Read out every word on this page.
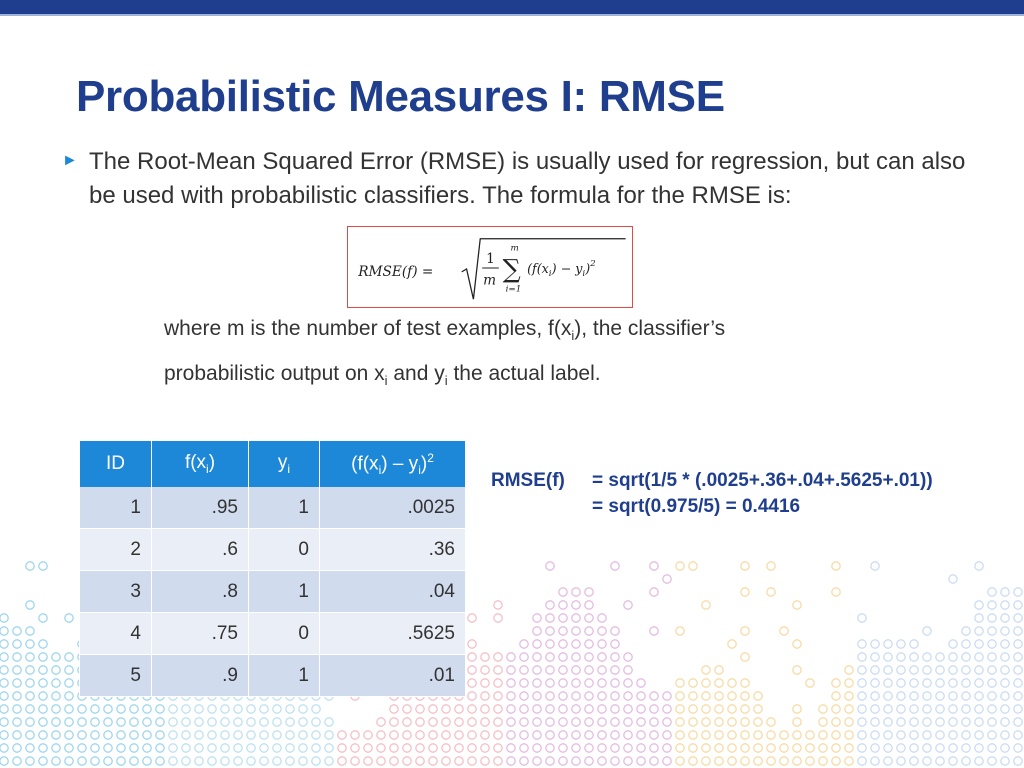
Probabilistic Measures I: RMSE
► The Root-Mean Squared Error (RMSE) is usually used for regression, but can also be used with probabilistic classifiers. The formula for the RMSE is:

RMSE(f) =
1
m
m
∑
i=1
$(f(x_i) - y_i)^2$

where m is the number of test examples, $f(x_i)$, the classifier’s
probabilistic output on $x_i$ and $y_i$ the actual label.

ID	$f(x_i)$	$y_i$	$(f(x_i) - y_i)^2$
1	.95	1	.0025
2	.6	0	.36
3	.8	1	.04
4	.75	0	.5625
5	.9	1	.01
RMSE(f) = sqrt(1/5 * (.0025+.36+.04+.5625+.01))
= sqrt(0.975/5) = 0.4416
